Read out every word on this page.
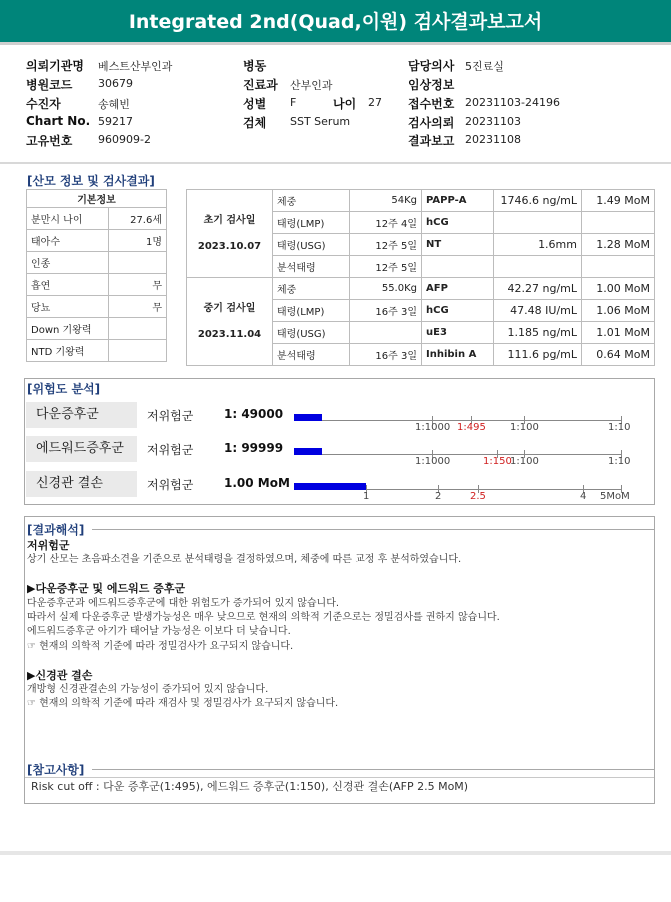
Integrated 2nd(Quad,이원) 검사결과보고서
의뢰기관명 베스트산부인과
병원코드 30679
수진자	송혜빈
Chart No. 59217
고유번호 960909-2
병동
진료과 산부인과
성별 F	나이 27
검체 SST Serum
담당의사 5진료실
임상정보
접수번호 20231103-24196
검사의뢰 20231103
결과보고 20231108
[산모 정보 및 검사결과]
기본정보	
분만시 나이	27.6세
태아수	1명
인종	
흡연	무
당뇨	무
Down 기왕력	
NTD 기왕력	
초기 검사일
2023.10.07	체중	54Kg	PAPP-A	1746.6 ng/mL	1.49 MoM
	태령(LMP)	12주 4일	hCG		
	태령(USG)	12주 5일	NT	1.6mm	1.28 MoM
	분석태령	12주 5일			

중기 검사일
2023.11.04	체중	55.0Kg	AFP	42.27 ng/mL	1.00 MoM
	태령(LMP)	16주 3일	hCG	47.48 IU/mL	1.06 MoM
	태령(USG)		uE3	1.185 ng/mL	1.01 MoM
	분석태령	16주 3일	Inhibin A	111.6 pg/mL	0.64 MoM
[위험도 분석]
다운증후군	저위험군	1: 49000
1:1000 1:495 1:100	1:10
에드워드증후군	저위험군	1: 99999
1:1000	1:150
1:100	1:10
신경관 결손	저위험군	1.00 MoM
1	2	2.5	4 5MoM
[결과해석]
저위험군
상기 산모는 초음파소견을 기준으로 분석태령을 결정하였으며, 체중에 따른 교정 후 분석하였습니다.
▶다운증후군 및 에드워드 증후군
다운증후군과 에드워드증후군에 대한 위험도가 증가되어 있지 않습니다.
따라서 실제 다운증후군 발생가능성은 매우 낮으므로 현재의 의학적 기준으로는 정밀검사를 권하지 않습니다.
에드워드증후군 아기가 태어날 가능성은 이보다 더 낮습니다.
☞ 현재의 의학적 기준에 따라 정밀검사가 요구되지 않습니다.
▶신경관 결손
개방형 신경관결손의 가능성이 증가되어 있지 않습니다.
☞ 현재의 의학적 기준에 따라 재검사 및 정밀검사가 요구되지 않습니다.
[참고사항]
Risk cut off : 다운 증후군(1:495), 에드워드 증후군(1:150), 신경관 결손(AFP 2.5 MoM)
